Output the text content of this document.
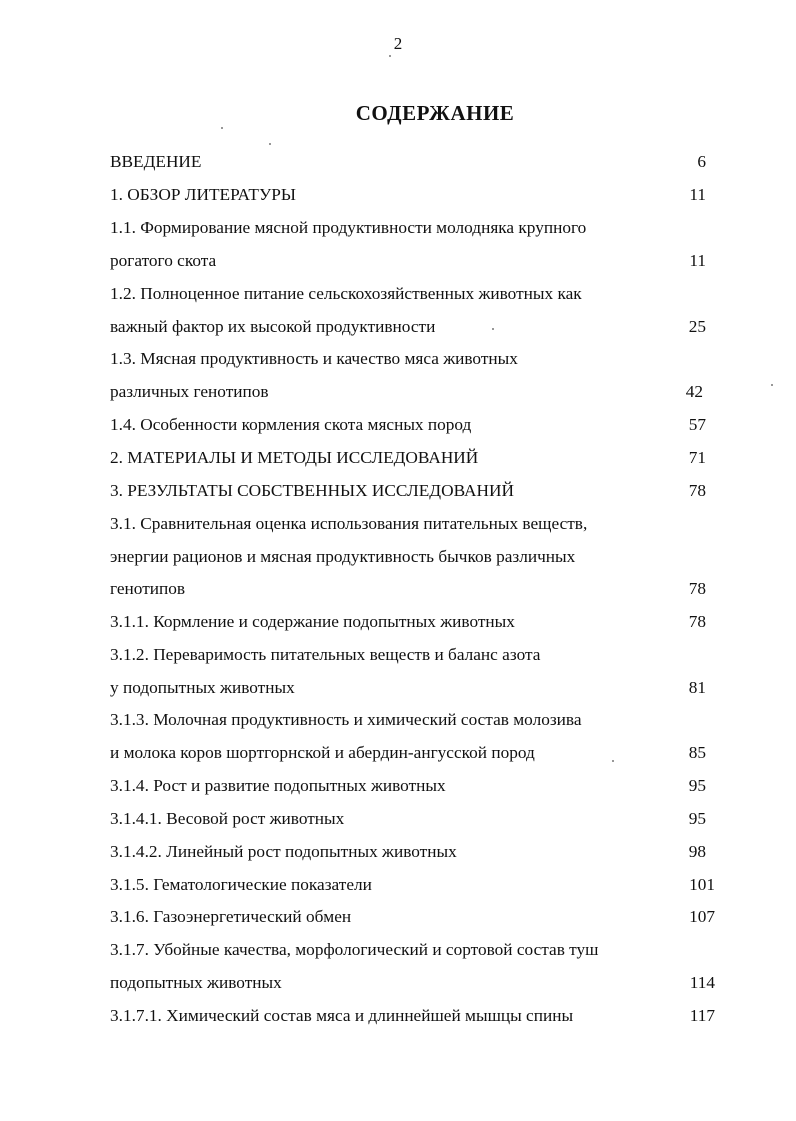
2
СОДЕРЖАНИЕ
ВВЕДЕНИЕ	6
1. ОБЗОР ЛИТЕРАТУРЫ	11
1.1. Формирование мясной продуктивности молодняка крупного
рогатого скота	11
1.2. Полноценное питание сельскохозяйственных животных как
важный фактор их высокой продуктивности	25
1.3. Мясная продуктивность и качество мяса животных
различных генотипов	42
1.4. Особенности кормления скота мясных пород	57
2. МАТЕРИАЛЫ И МЕТОДЫ ИССЛЕДОВАНИЙ	71
3. РЕЗУЛЬТАТЫ СОБСТВЕННЫХ ИССЛЕДОВАНИЙ	78
3.1. Сравнительная оценка использования питательных веществ,
энергии рационов и мясная продуктивность бычков различных
генотипов	78
3.1.1. Кормление и содержание подопытных животных	78
3.1.2. Переваримость питательных веществ и баланс азота
у подопытных животных	81
3.1.3. Молочная продуктивность и химический состав молозива
и молока коров шортгорнской и абердин-ангусской пород	85
3.1.4. Рост и развитие подопытных животных	95
3.1.4.1. Весовой рост животных	95
3.1.4.2. Линейный рост подопытных животных	98
3.1.5. Гематологические показатели	101
3.1.6. Газоэнергетический обмен	107
3.1.7. Убойные качества, морфологический и сортовой состав туш
подопытных животных	114
3.1.7.1. Химический состав мяса и длиннейшей мышцы спины	117
